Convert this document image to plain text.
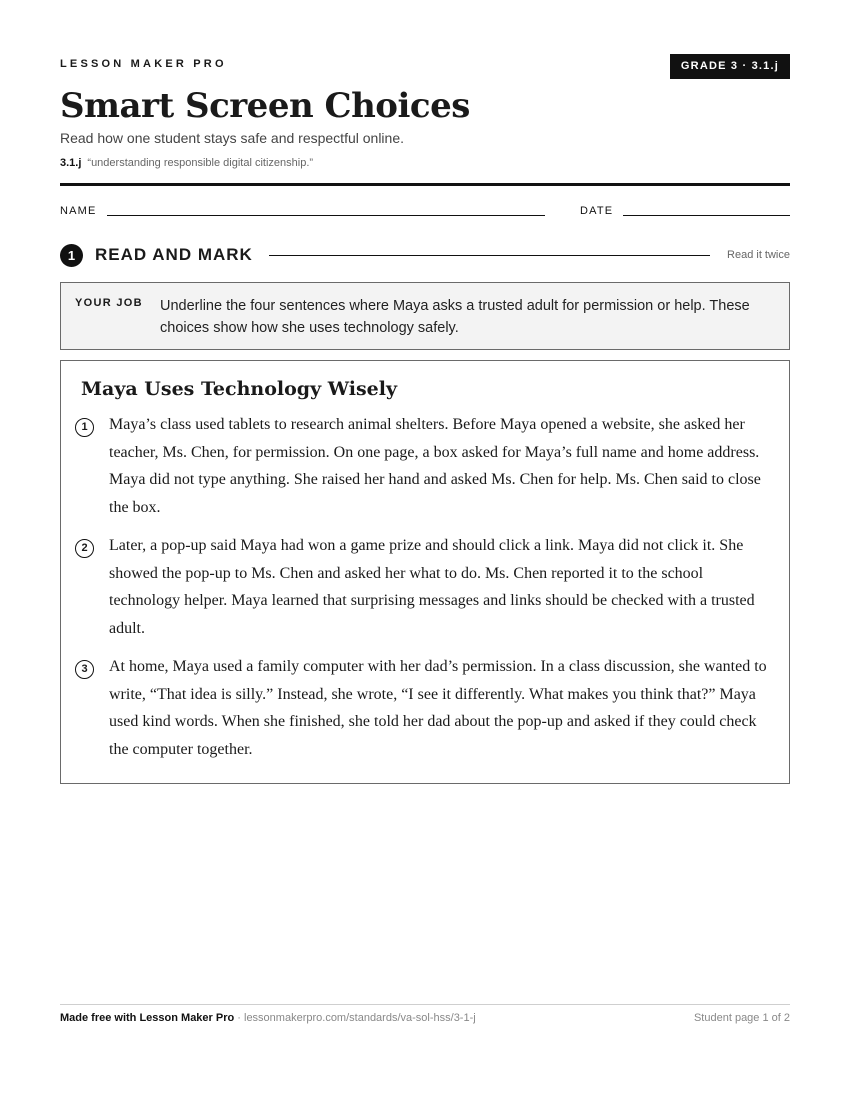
LESSON MAKER PRO	GRADE 3 · 3.1.j
Smart Screen Choices
Read how one student stays safe and respectful online.
3.1.j “understanding responsible digital citizenship.”
NAME	DATE
1	READ AND MARK	Read it twice
YOUR JOB Underline the four sentences where Maya asks a trusted adult for permission or help. These choices show how she uses technology safely.
Maya Uses Technology Wisely
1	Maya’s class used tablets to research animal shelters. Before Maya opened a website, she asked her teacher, Ms. Chen, for permission. On one page, a box asked for Maya’s full name and home address. Maya did not type anything. She raised her hand and asked Ms. Chen for help. Ms. Chen said to close the box.

2	Later, a pop-up said Maya had won a game prize and should click a link. Maya did not click it. She showed the pop-up to Ms. Chen and asked her what to do. Ms. Chen reported it to the school technology helper. Maya learned that surprising messages and links should be checked with a trusted adult.

3	At home, Maya used a family computer with her dad’s permission. In a class discussion, she wanted to write, “That idea is silly.” Instead, she wrote, “I see it differently. What makes you think that?” Maya used kind words. When she finished, she told her dad about the pop-up and asked if they could check the computer together.

Made free with Lesson Maker Pro · lessonmakerpro.com/standards/va-sol-hss/3-1-j	Student page 1 of 2
